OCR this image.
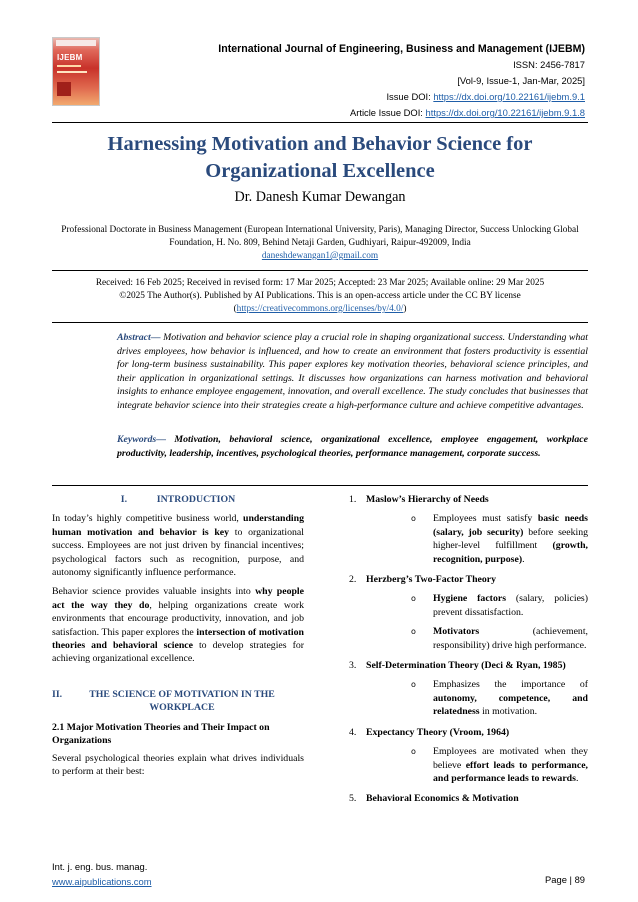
IJEBM
International Journal of Engineering, Business and Management (IJEBM)
ISSN: 2456-7817
[Vol-9, Issue-1, Jan-Mar, 2025]
Issue DOI: https://dx.doi.org/10.22161/ijebm.9.1
Article Issue DOI: https://dx.doi.org/10.22161/ijebm.9.1.8
Harnessing Motivation and Behavior Science for Organizational Excellence
Dr. Danesh Kumar Dewangan
Professional Doctorate in Business Management (European International University, Paris), Managing Director, Success Unlocking Global Foundation, H. No. 809, Behind Netaji Garden, Gudhiyari, Raipur-492009, India
daneshdewangan1@gmail.com
Received: 16 Feb 2025; Received in revised form: 17 Mar 2025; Accepted: 23 Mar 2025; Available online: 29 Mar 2025
©2025 The Author(s). Published by AI Publications. This is an open-access article under the CC BY license
(https://creativecommons.org/licenses/by/4.0/)
Abstract— Motivation and behavior science play a crucial role in shaping organizational success. Understanding what drives employees, how behavior is influenced, and how to create an environment that fosters productivity is essential for long-term business sustainability. This paper explores key motivation theories, behavioral science principles, and their application in organizational settings. It discusses how organizations can harness motivation and behavioral insights to enhance employee engagement, innovation, and overall excellence. The study concludes that businesses that integrate behavior science into their strategies create a high-performance culture and achieve competitive advantages.
Keywords— Motivation, behavioral science, organizational excellence, employee engagement, workplace productivity, leadership, incentives, psychological theories, performance management, corporate success.
I.	INTRODUCTION

In today’s highly competitive business world, understanding human motivation and behavior is key to organizational success. Employees are not just driven by financial incentives; psychological factors such as recognition, purpose, and autonomy significantly influence performance.

Behavior science provides valuable insights into why people act the way they do, helping organizations create work environments that encourage productivity, innovation, and job satisfaction. This paper explores the intersection of motivation theories and behavioral science to develop strategies for achieving organizational excellence.

II.	THE SCIENCE OF MOTIVATION IN THE WORKPLACE
2.1 Major Motivation Theories and Their Impact on Organizations

Several psychological theories explain what drives individuals to perform at their best:

1. Maslow’s Hierarchy of Needs
o Employees must satisfy basic needs (salary, job security) before seeking higher-level fulfillment (growth, recognition, purpose).
2. Herzberg’s Two-Factor Theory
o Hygiene factors (salary, policies) prevent dissatisfaction.
o Motivators (achievement, responsibility) drive high performance.
3. Self-Determination Theory (Deci & Ryan, 1985)
o Emphasizes the importance of autonomy, competence, and relatedness in motivation.
4. Expectancy Theory (Vroom, 1964)
o Employees are motivated when they believe effort leads to performance, and performance leads to rewards.
5. Behavioral Economics & Motivation
Int. j. eng. bus. manag.
www.aipublications.com	Page | 89
